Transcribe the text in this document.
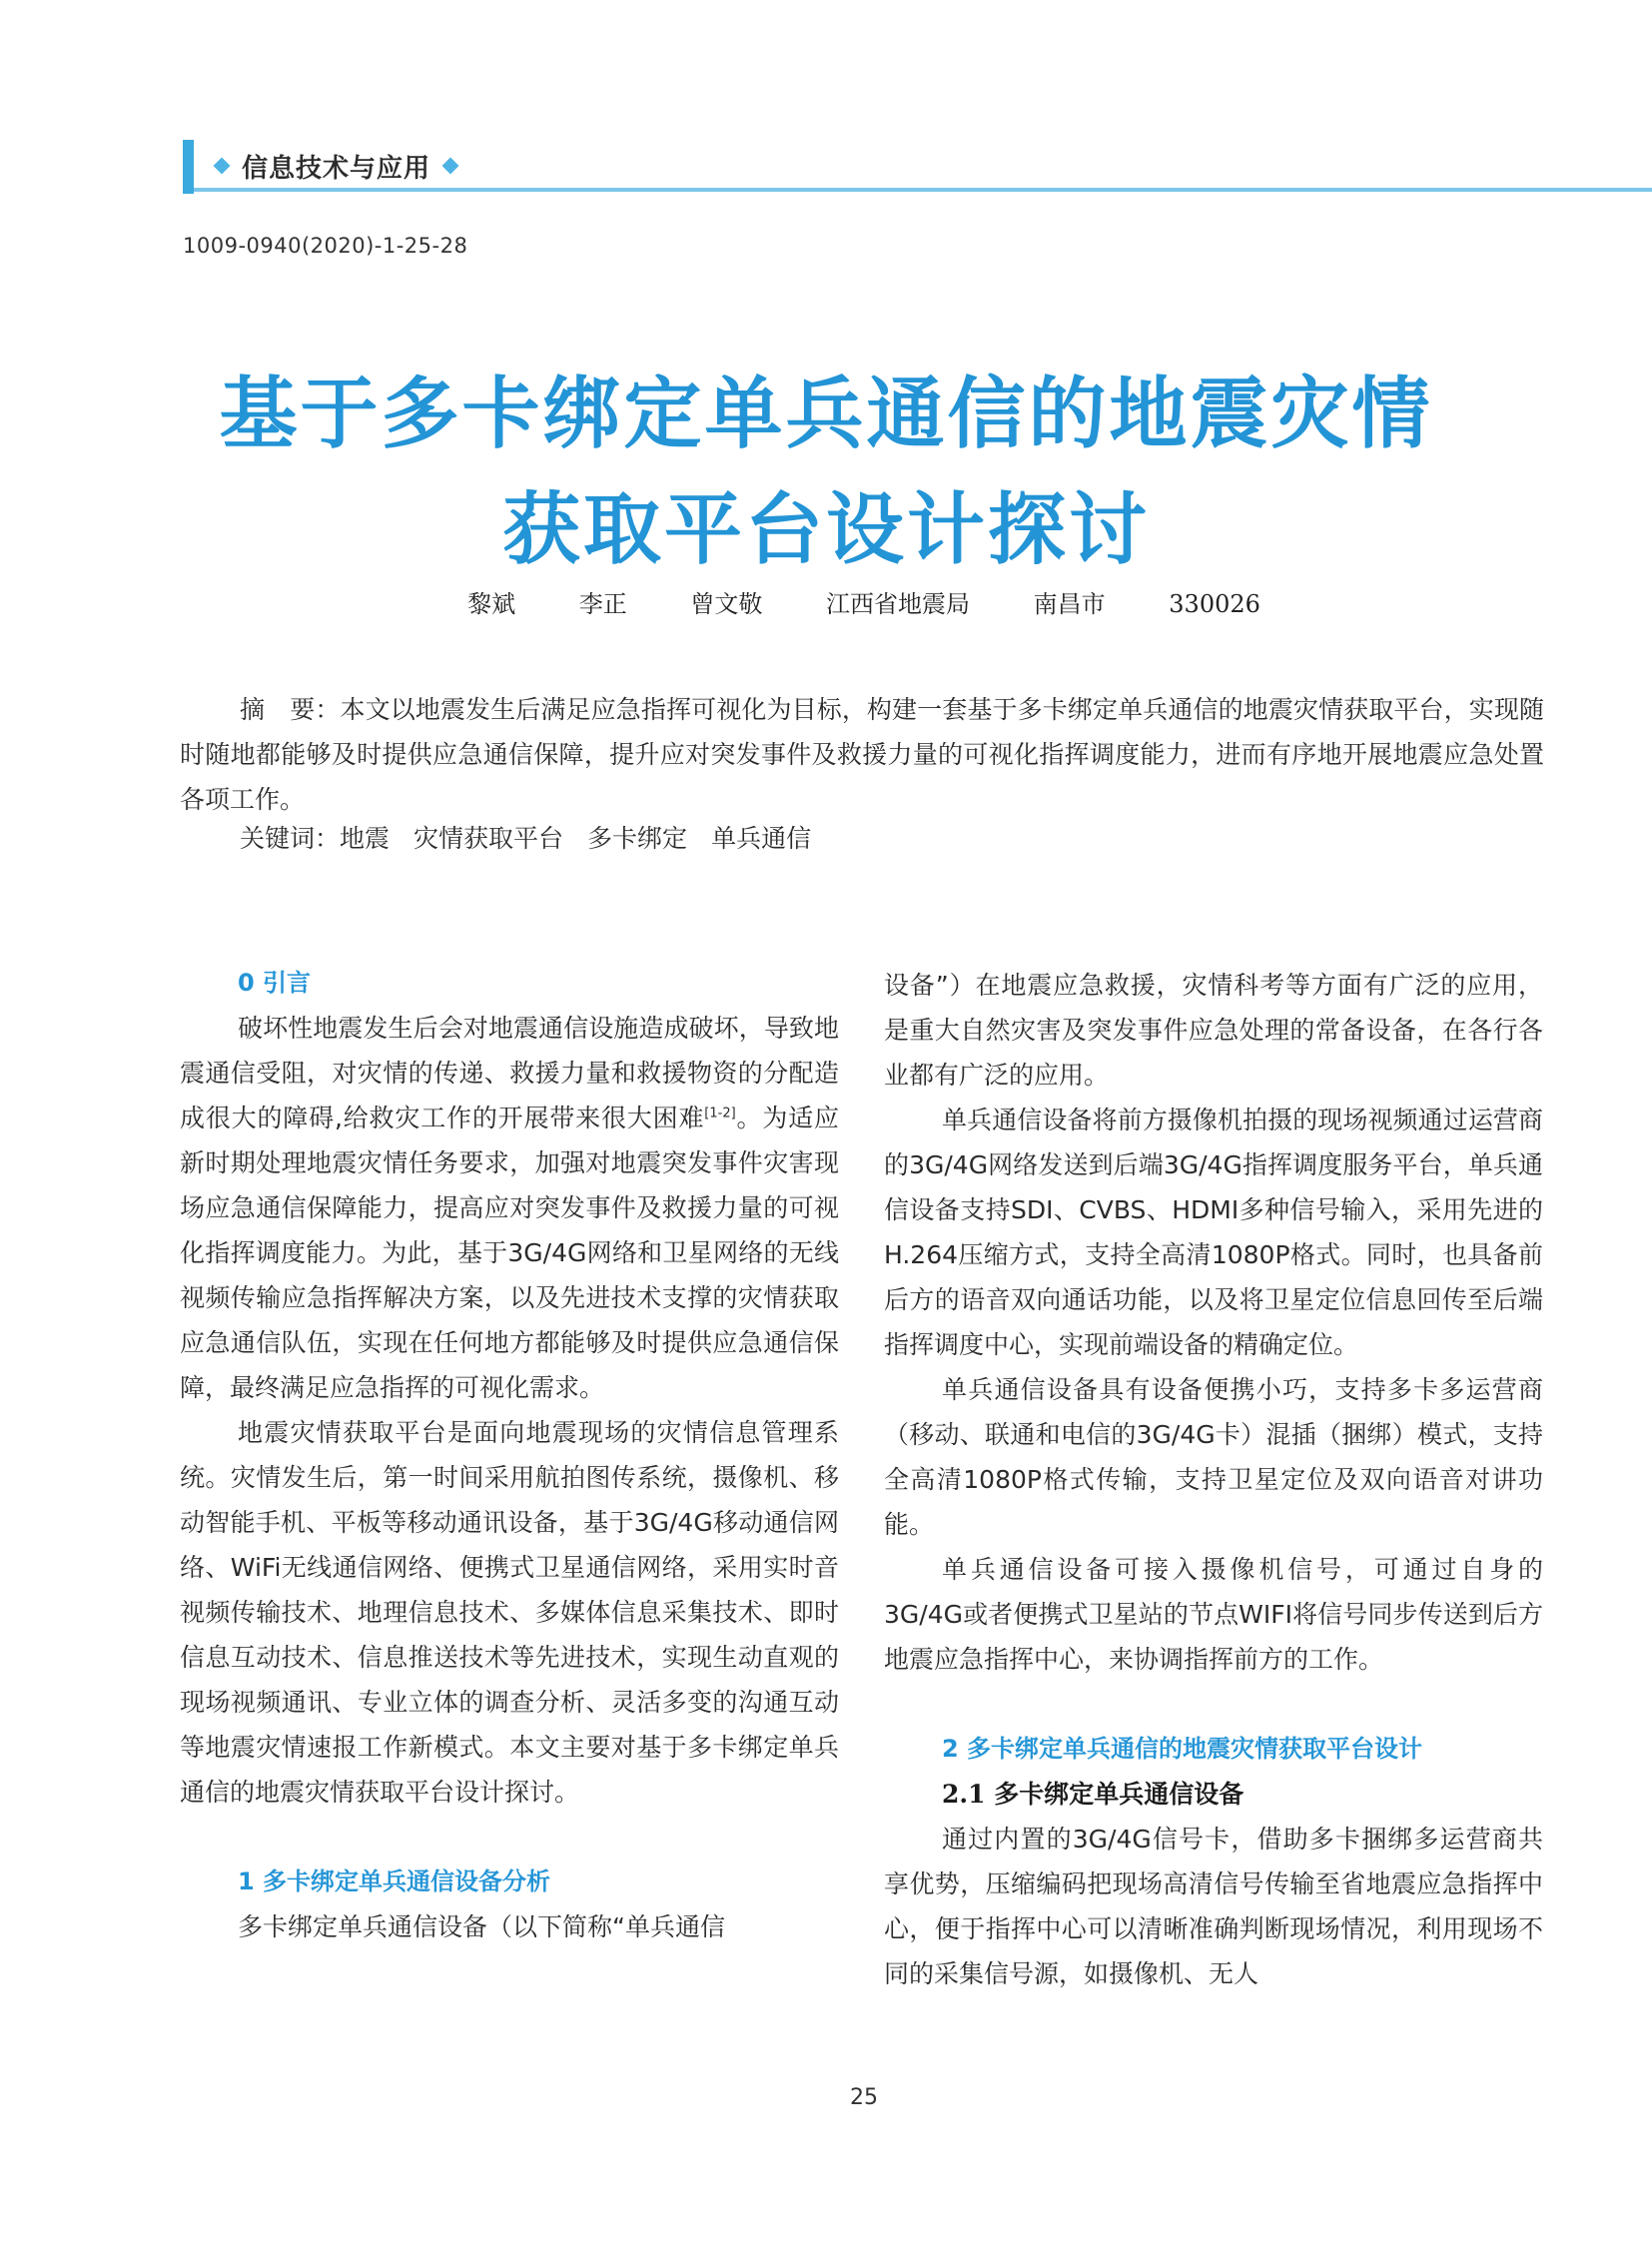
信息技术与应用
1009-0940(2020)-1-25-28
基于多卡绑定单兵通信的地震灾情
获取平台设计探讨
黎斌	李正	曾文敬	江西省地震局	南昌市	330026

摘　要：本文以地震发生后满足应急指挥可视化为目标，构建一套基于多卡绑定单兵通信的地震灾情获取平台，实现随时随地都能够及时提供应急通信保障，提升应对突发事件及救援力量的可视化指挥调度能力，进而有序地开展地震应急处置各项工作。

关键词：地震 灾情获取平台 多卡绑定 单兵通信
0 引言

破坏性地震发生后会对地震通信设施造成破坏，导致地震通信受阻，对灾情的传递、救援力量和救援物资的分配造成很大的障碍,给救灾工作的开展带来很大困难[1-2]。为适应新时期处理地震灾情任务要求，加强对地震突发事件灾害现场应急通信保障能力，提高应对突发事件及救援力量的可视化指挥调度能力。为此，基于3G/4G网络和卫星网络的无线视频传输应急指挥解决方案，以及先进技术支撑的灾情获取应急通信队伍，实现在任何地方都能够及时提供应急通信保障，最终满足应急指挥的可视化需求。

地震灾情获取平台是面向地震现场的灾情信息管理系统。灾情发生后，第一时间采用航拍图传系统，摄像机、移动智能手机、平板等移动通讯设备，基于3G/4G移动通信网络、WiFi无线通信网络、便携式卫星通信网络，采用实时音视频传输技术、地理信息技术、多媒体信息采集技术、即时信息互动技术、信息推送技术等先进技术，实现生动直观的现场视频通讯、专业立体的调查分析、灵活多变的沟通互动等地震灾情速报工作新模式。本文主要对基于多卡绑定单兵通信的地震灾情获取平台设计探讨。

1 多卡绑定单兵通信设备分析

多卡绑定单兵通信设备（以下简称“单兵通信

设备”）在地震应急救援，灾情科考等方面有广泛的应用，是重大自然灾害及突发事件应急处理的常备设备，在各行各业都有广泛的应用。

单兵通信设备将前方摄像机拍摄的现场视频通过运营商的3G/4G网络发送到后端3G/4G指挥调度服务平台，单兵通信设备支持SDI、CVBS、HDMI多种信号输入，采用先进的H.264压缩方式，支持全高清1080P格式。同时，也具备前后方的语音双向通话功能，以及将卫星定位信息回传至后端指挥调度中心，实现前端设备的精确定位。

单兵通信设备具有设备便携小巧，支持多卡多运营商（移动、联通和电信的3G/4G卡）混插（捆绑）模式，支持全高清1080P格式传输，支持卫星定位及双向语音对讲功能。

单兵通信设备可接入摄像机信号，可通过自身的3G/4G或者便携式卫星站的节点WIFI将信号同步传送到后方地震应急指挥中心，来协调指挥前方的工作。

2 多卡绑定单兵通信的地震灾情获取平台设计
2.1 多卡绑定单兵通信设备

通过内置的3G/4G信号卡，借助多卡捆绑多运营商共享优势，压缩编码把现场高清信号传输至省地震应急指挥中心，便于指挥中心可以清晰准确判断现场情况，利用现场不同的采集信号源，如摄像机、无人

25
